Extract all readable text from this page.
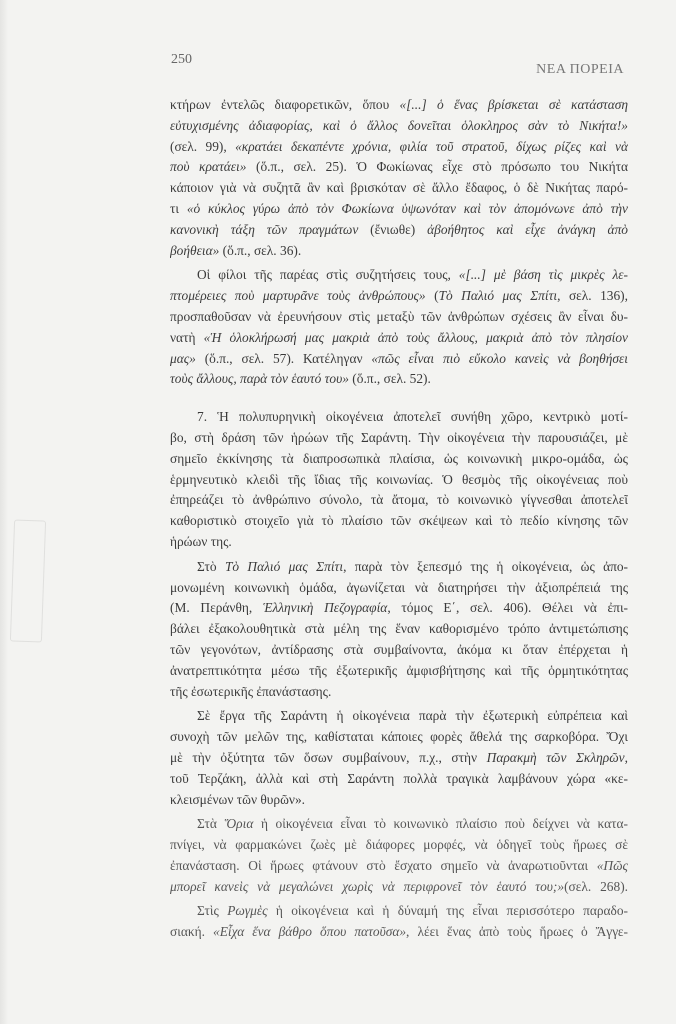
250
ΝΕΑ ΠΟΡΕΙΑ
κτήρων ἐντελῶς διαφορετικῶν, ὅπου «[...] ὁ ἕνας βρίσκεται σὲ κατάσταση
εὐτυχισμένης ἀδιαφορίας, καὶ ὁ ἄλλος δονεῖται ὁλοκληρος σὰν τὸ Νικήτα!»
(σελ. 99), «κρατάει δεκαπέντε χρόνια, φιλία τοῦ στρατοῦ, δίχως ρίζες καὶ νὰ
ποὺ κρατάει» (ὅ.π., σελ. 25). Ὁ Φωκίωνας εἶχε στὸ πρόσωπο του Νικήτα
κάποιον γιὰ νὰ συζητᾶ ἂν καὶ βρισκόταν σὲ ἄλλο ἔδαφος, ὁ δὲ Νικήτας παρό-
τι «ὁ κύκλος γύρω ἀπὸ τὸν Φωκίωνα ὑψωνόταν καὶ τὸν ἀπομόνωνε ἀπὸ τὴν
κανονικὴ τάξη τῶν πραγμάτων (ἔνιωθε) ἀβοήθητος καὶ εἶχε ἀνάγκη ἀπὸ
βοήθεια» (ὅ.π., σελ. 36).
Οἱ φίλοι τῆς παρέας στὶς συζητήσεις τους, «[...] μὲ βάση τὶς μικρὲς λε-
πτομέρειες ποὺ μαρτυρᾶνε τοὺς ἀνθρώπους» (Τὸ Παλιό μας Σπίτι, σελ. 136),
προσπαθοῦσαν νὰ ἐρευνήσουν στὶς μεταξὺ τῶν ἀνθρώπων σχέσεις ἂν εἶναι δυ-
νατὴ «Ἡ ὁλοκλήρωσή μας μακριὰ ἀπὸ τοὺς ἄλλους, μακριὰ ἀπὸ τὸν πλησίον
μας» (ὅ.π., σελ. 57). Κατέληγαν «πῶς εἶναι πιὸ εὔκολο κανεὶς νὰ βοηθήσει
τοὺς ἄλλους, παρὰ τὸν ἑαυτό του» (ὅ.π., σελ. 52).
7. Ἡ πολυπυρηνικὴ οἰκογένεια ἀποτελεῖ συνήθη χῶρο, κεντρικὸ μοτί-
βο, στὴ δράση τῶν ἡρώων τῆς Σαράντη. Τὴν οἰκογένεια τὴν παρουσιάζει, μὲ
σημεῖο ἐκκίνησης τὰ διαπροσωπικὰ πλαίσια, ὡς κοινωνικὴ μικρο-ομάδα, ὡς
ἑρμηνευτικὸ κλειδὶ τῆς ἴδιας τῆς κοινωνίας. Ὁ θεσμὸς τῆς οἰκογένειας ποὺ
ἐπηρεάζει τὸ ἀνθρώπινο σύνολο, τὰ ἄτομα, τὸ κοινωνικὸ γίγνεσθαι ἀποτελεῖ
καθοριστικὸ στοιχεῖο γιὰ τὸ πλαίσιο τῶν σκέψεων καὶ τὸ πεδίο κίνησης τῶν
ἡρώων της.
Στὸ Τὸ Παλιό μας Σπίτι, παρὰ τὸν ξεπεσμό της ἡ οἰκογένεια, ὡς ἀπο-
μονωμένη κοινωνικὴ ὁμάδα, ἀγωνίζεται νὰ διατηρήσει τὴν ἀξιοπρέπειά της
(Μ. Περάνθη, Ἑλληνικὴ Πεζογραφία, τόμος Ε΄, σελ. 406). Θέλει νὰ ἐπι-
βάλει ἐξακολουθητικὰ στὰ μέλη της ἕναν καθορισμένο τρόπο ἀντιμετώπισης
τῶν γεγονότων, ἀντίδρασης στὰ συμβαίνοντα, ἀκόμα κι ὅταν ἐπέρχεται ἡ
ἀνατρεπτικότητα μέσω τῆς ἐξωτερικῆς ἀμφισβήτησης καὶ τῆς ὁρμητικότητας
τῆς ἐσωτερικῆς ἐπανάστασης.
Σὲ ἔργα τῆς Σαράντη ἡ οἰκογένεια παρὰ τὴν ἐξωτερικὴ εὐπρέπεια καὶ
συνοχὴ τῶν μελῶν της, καθίσταται κάποιες φορὲς ἄθελά της σαρκοβόρα. Ὄχι
μὲ τὴν ὀξύτητα τῶν ὅσων συμβαίνουν, π.χ., στὴν Παρακμὴ τῶν Σκληρῶν,
τοῦ Τερζάκη, ἀλλὰ καὶ στὴ Σαράντη πολλὰ τραγικὰ λαμβάνουν χώρα «κε-
κλεισμένων τῶν θυρῶν».
Στὰ Ὅρια ἡ οἰκογένεια εἶναι τὸ κοινωνικὸ πλαίσιο ποὺ δείχνει νὰ κατα-
πνίγει, νὰ φαρμακώνει ζωὲς μὲ διάφορες μορφές, νὰ ὁδηγεῖ τοὺς ἥρωες σὲ
ἐπανάσταση. Οἱ ἥρωες φτάνουν στὸ ἔσχατο σημεῖο νὰ ἀναρωτιοῦνται «Πῶς
μπορεῖ κανεὶς νὰ μεγαλώνει χωρὶς νὰ περιφρονεῖ τὸν ἑαυτό του;»(σελ. 268).
Στὶς Ρωγμὲς ἡ οἰκογένεια καὶ ἡ δύναμή της εἶναι περισσότερο παραδο-
σιακή. «Εἶχα ἕνα βάθρο ὅπου πατοῦσα», λέει ἕνας ἀπὸ τοὺς ἥρωες ὁ Ἄγγε-
